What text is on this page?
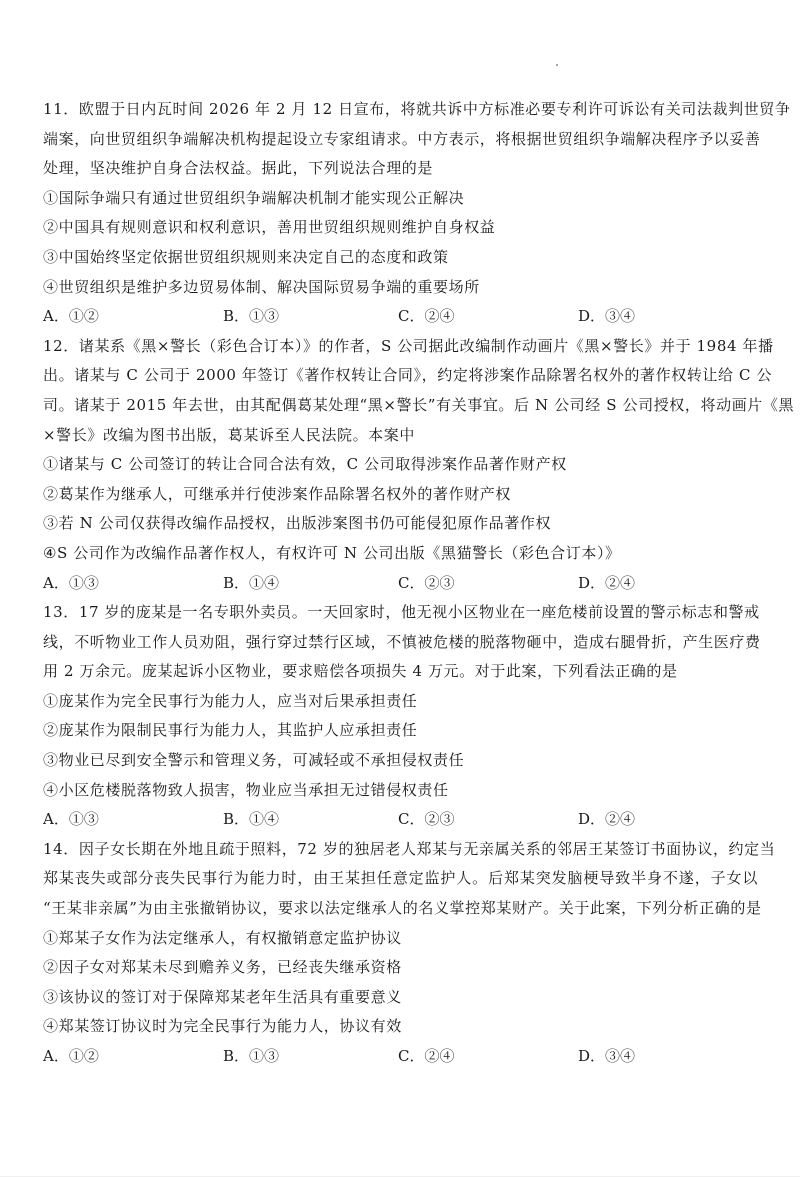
11．欧盟于日内瓦时间 2026 年 2 月 12 日宣布，将就共诉中方标准必要专利许可诉讼有关司法裁判世贸争
端案，向世贸组织争端解决机构提起设立专家组请求。中方表示，将根据世贸组织争端解决程序予以妥善
处理，坚决维护自身合法权益。据此，下列说法合理的是
①国际争端只有通过世贸组织争端解决机制才能实现公正解决
②中国具有规则意识和权利意识，善用世贸组织规则维护自身权益
③中国始终坚定依据世贸组织规则来决定自己的态度和政策
④世贸组织是维护多边贸易体制、解决国际贸易争端的重要场所
A．①②	B．①③	C．②④	D．③④
12．诸某系《黑×警长（彩色合订本）》的作者，S 公司据此改编制作动画片《黑×警长》并于 1984 年播
出。诸某与 C 公司于 2000 年签订《著作权转让合同》，约定将涉案作品除署名权外的著作权转让给 C 公
司。诸某于 2015 年去世，由其配偶葛某处理“黑×警长”有关事宜。后 N 公司经 S 公司授权，将动画片《黑
×警长》改编为图书出版，葛某诉至人民法院。本案中
①诸某与 C 公司签订的转让合同合法有效，C 公司取得涉案作品著作财产权
②葛某作为继承人，可继承并行使涉案作品除署名权外的著作财产权
③若 N 公司仅获得改编作品授权，出版涉案图书仍可能侵犯原作品著作权
④S 公司作为改编作品著作权人，有权许可 N 公司出版《黑猫警长（彩色合订本）》
A．①③	B．①④	C．②③	D．②④
13．17 岁的庞某是一名专职外卖员。一天回家时，他无视小区物业在一座危楼前设置的警示标志和警戒
线，不听物业工作人员劝阻，强行穿过禁行区域，不慎被危楼的脱落物砸中，造成右腿骨折，产生医疗费
用 2 万余元。庞某起诉小区物业，要求赔偿各项损失 4 万元。对于此案，下列看法正确的是
①庞某作为完全民事行为能力人，应当对后果承担责任
②庞某作为限制民事行为能力人，其监护人应承担责任
③物业已尽到安全警示和管理义务，可减轻或不承担侵权责任
④小区危楼脱落物致人损害，物业应当承担无过错侵权责任
A．①③	B．①④	C．②③	D．②④
14．因子女长期在外地且疏于照料，72 岁的独居老人郑某与无亲属关系的邻居王某签订书面协议，约定当
郑某丧失或部分丧失民事行为能力时，由王某担任意定监护人。后郑某突发脑梗导致半身不遂，子女以
“王某非亲属”为由主张撤销协议，要求以法定继承人的名义掌控郑某财产。关于此案，下列分析正确的是
①郑某子女作为法定继承人，有权撤销意定监护协议
②因子女对郑某未尽到赡养义务，已经丧失继承资格
③该协议的签订对于保障郑某老年生活具有重要意义
④郑某签订协议时为完全民事行为能力人，协议有效
A．①②	B．①③	C．②④	D．③④
